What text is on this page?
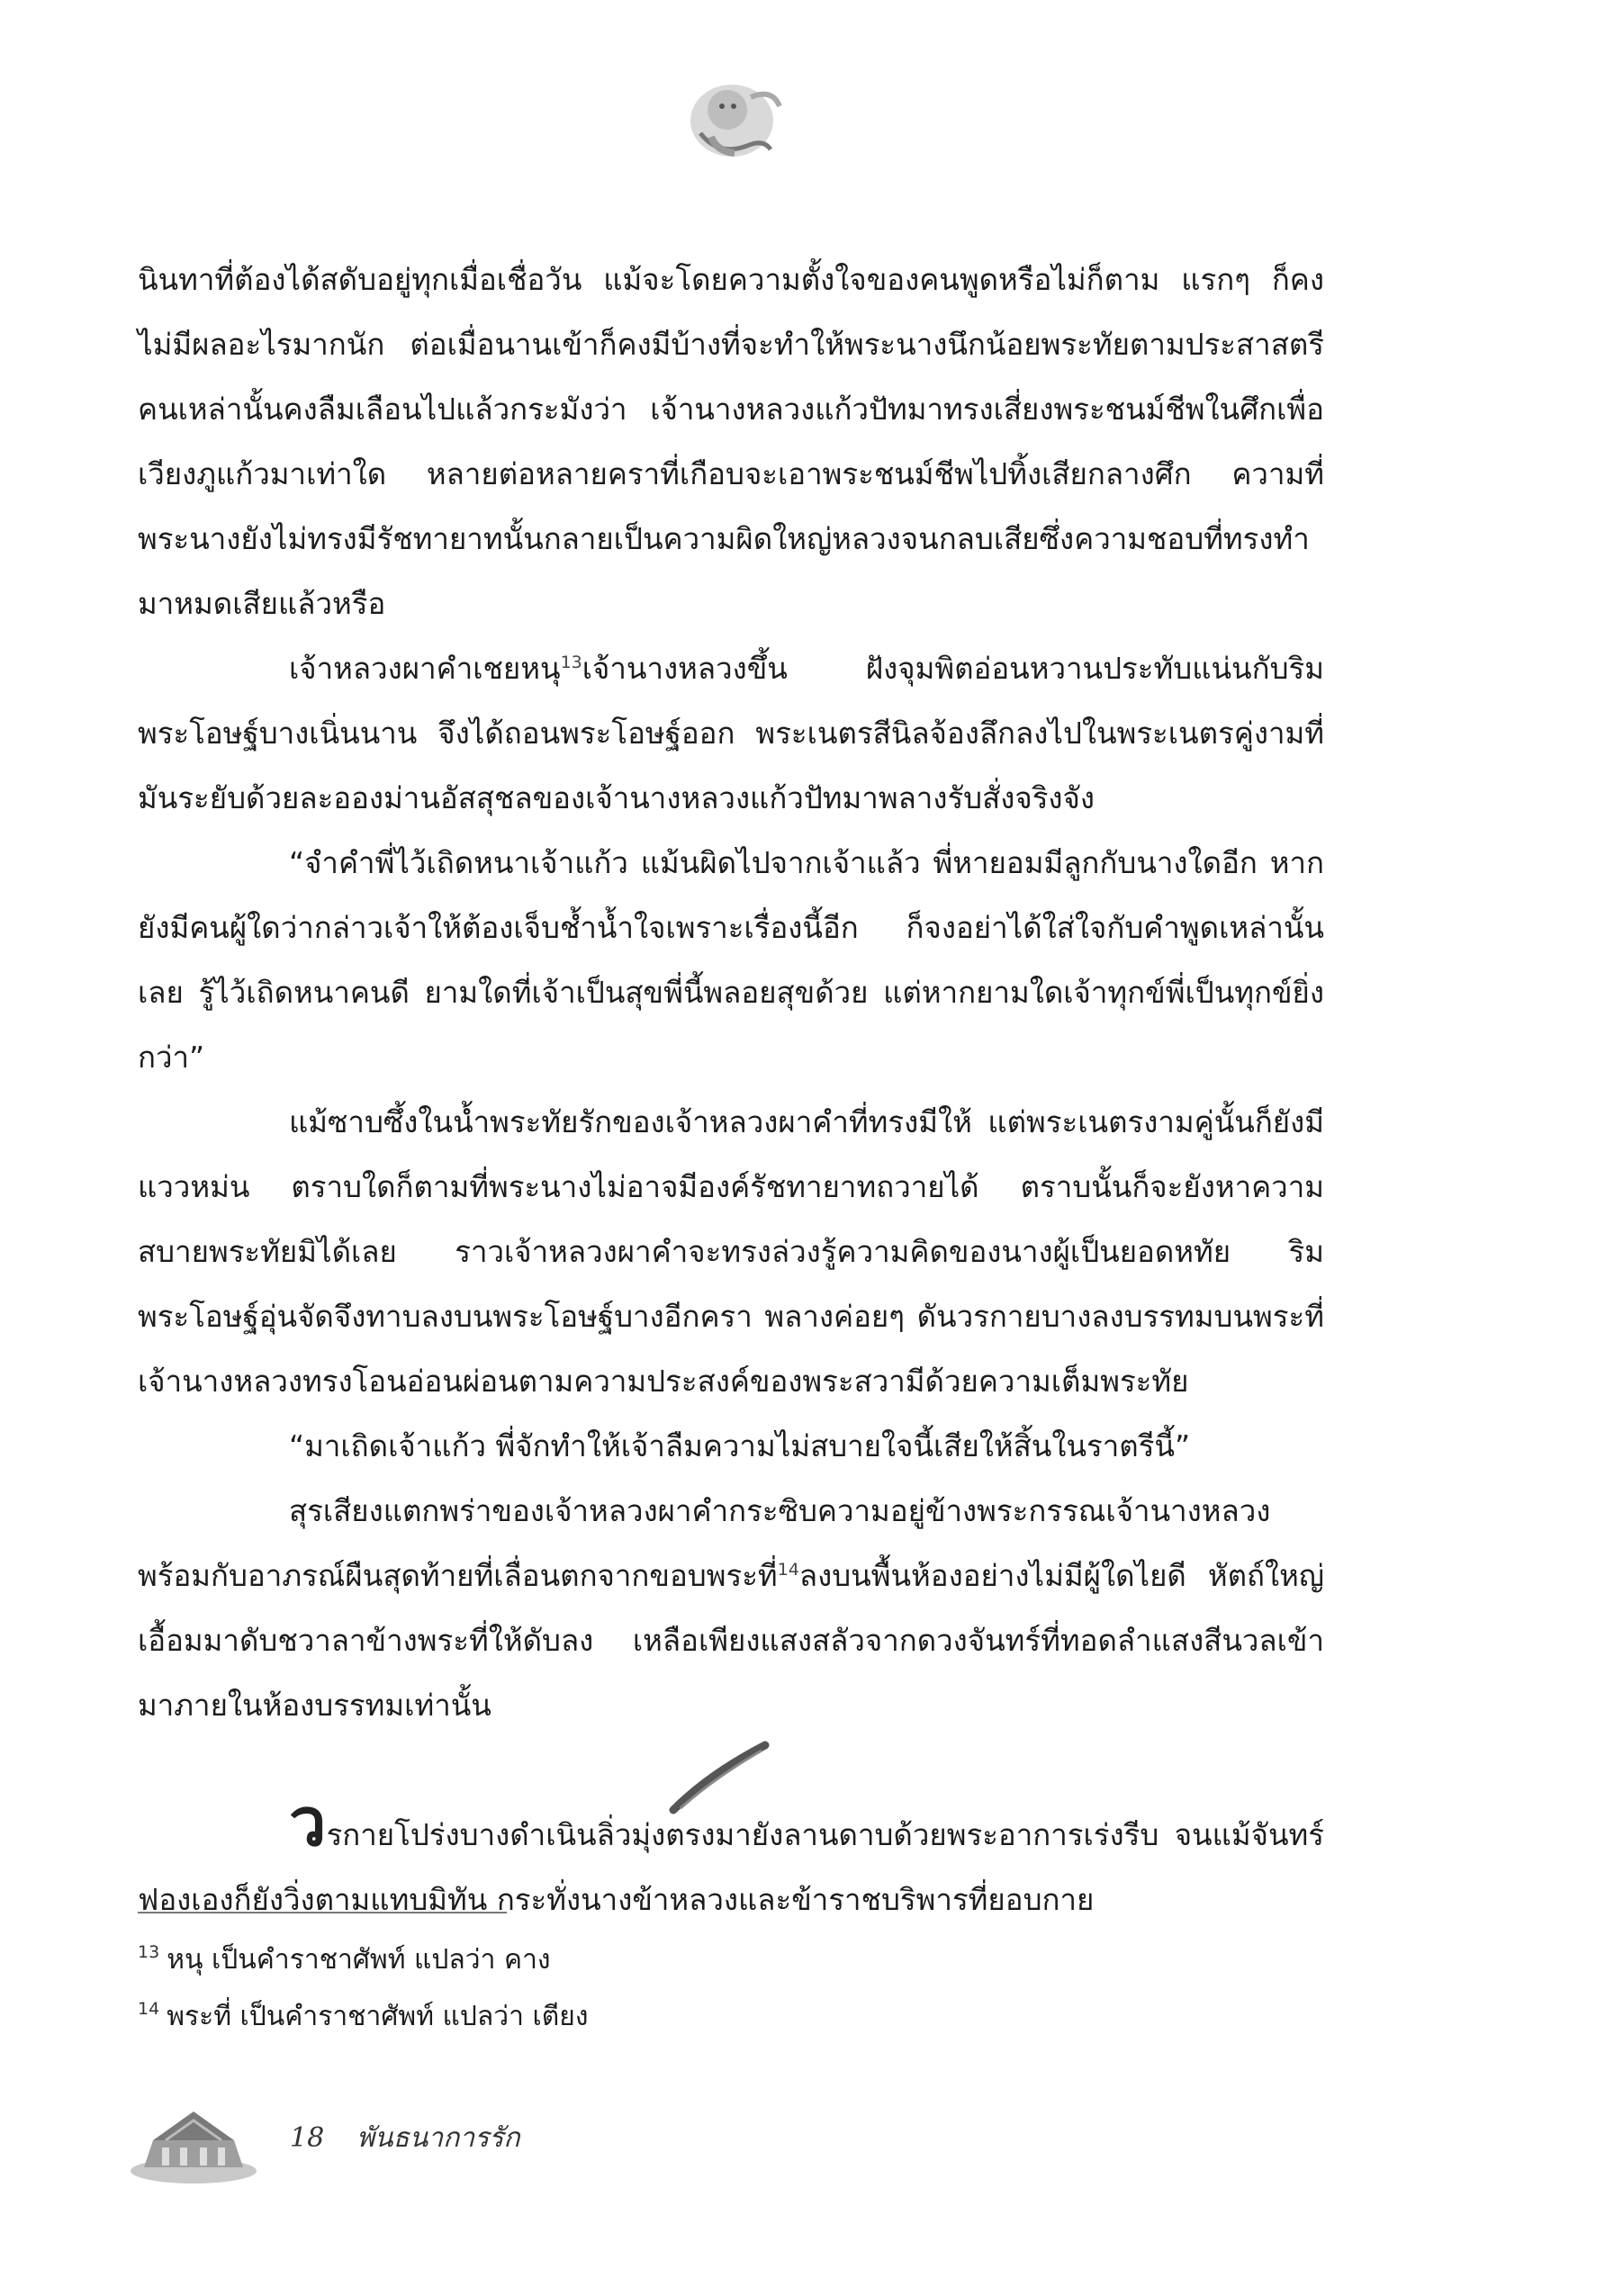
นินทาที่ต้องได้สดับอยู่ทุกเมื่อเชื่อวัน แม้จะโดยความตั้งใจของคนพูดหรือไม่ก็ตาม แรกๆ ก็คงไม่มีผลอะไรมากนัก ต่อเมื่อนานเข้าก็คงมีบ้างที่จะทำให้พระนางนึกน้อยพระทัยตามประสาสตรี คนเหล่านั้นคงลืมเลือนไปแล้วกระมังว่า เจ้านางหลวงแก้วปัทมาทรงเสี่ยงพระชนม์ชีพในศึกเพื่อเวียงภูแก้วมาเท่าใด หลายต่อหลายคราที่เกือบจะเอาพระชนม์ชีพไปทิ้งเสียกลางศึก ความที่พระนางยังไม่ทรงมีรัชทายาทนั้นกลายเป็นความผิดใหญ่หลวงจนกลบเสียซึ่งความชอบที่ทรงทำมาหมดเสียแล้วหรือ

เจ้าหลวงผาคำเชยหนุ$^{13}$เจ้านางหลวงขึ้น ฝังจุมพิตอ่อนหวานประทับแน่นกับริมพระโอษฐ์บางเนิ่นนาน จึงได้ถอนพระโอษฐ์ออก พระเนตรสีนิลจ้องลึกลงไปในพระเนตรคู่งามที่มันระยับด้วยละอองม่านอัสสุชลของเจ้านางหลวงแก้วปัทมาพลางรับสั่งจริงจัง

“จำคำพี่ไว้เถิดหนาเจ้าแก้ว แม้นผิดไปจากเจ้าแล้ว พี่หายอมมีลูกกับนางใดอีก หากยังมีคนผู้ใดว่ากล่าวเจ้าให้ต้องเจ็บช้ำน้ำใจเพราะเรื่องนี้อีก ก็จงอย่าได้ใส่ใจกับคำพูดเหล่านั้นเลย รู้ไว้เถิดหนาคนดี ยามใดที่เจ้าเป็นสุขพี่นี้พลอยสุขด้วย แต่หากยามใดเจ้าทุกข์พี่เป็นทุกข์ยิ่งกว่า”

แม้ซาบซึ้งในน้ำพระทัยรักของเจ้าหลวงผาคำที่ทรงมีให้ แต่พระเนตรงามคู่นั้นก็ยังมีแววหม่น ตราบใดก็ตามที่พระนางไม่อาจมีองค์รัชทายาทถวายได้ ตราบนั้นก็จะยังหาความสบายพระทัยมิได้เลย ราวเจ้าหลวงผาคำจะทรงล่วงรู้ความคิดของนางผู้เป็นยอดหทัย ริมพระโอษฐ์อุ่นจัดจึงทาบลงบนพระโอษฐ์บางอีกครา พลางค่อยๆ ดันวรกายบางลงบรรทมบนพระที่ เจ้านางหลวงทรงโอนอ่อนผ่อนตามความประสงค์ของพระสวามีด้วยความเต็มพระทัย

“มาเถิดเจ้าแก้ว พี่จักทำให้เจ้าลืมความไม่สบายใจนี้เสียให้สิ้นในราตรีนี้”

สุรเสียงแตกพร่าของเจ้าหลวงผาคำกระซิบความอยู่ข้างพระกรรณเจ้านางหลวงพร้อมกับอาภรณ์ผืนสุดท้ายที่เลื่อนตกจากขอบพระที่$^{14}$ลงบนพื้นห้องอย่างไม่มีผู้ใดไยดี หัตถ์ใหญ่เอื้อมมาดับชวาลาข้างพระที่ให้ดับลง เหลือเพียงแสงสลัวจากดวงจันทร์ที่ทอดลำแสงสีนวลเข้ามาภายในห้องบรรทมเท่านั้น

วรกายโปร่งบางดำเนินลิ่วมุ่งตรงมายังลานดาบด้วยพระอาการเร่งรีบ จนแม้จันทร์ฟองเองก็ยังวิ่งตามแทบมิทัน กระทั่งนางข้าหลวงและข้าราชบริพารที่ยอบกาย

13 หนุ เป็นคำราชาศัพท์ แปลว่า คาง
14 พระที่ เป็นคำราชาศัพท์ แปลว่า เตียง
18 พันธนาการรัก
